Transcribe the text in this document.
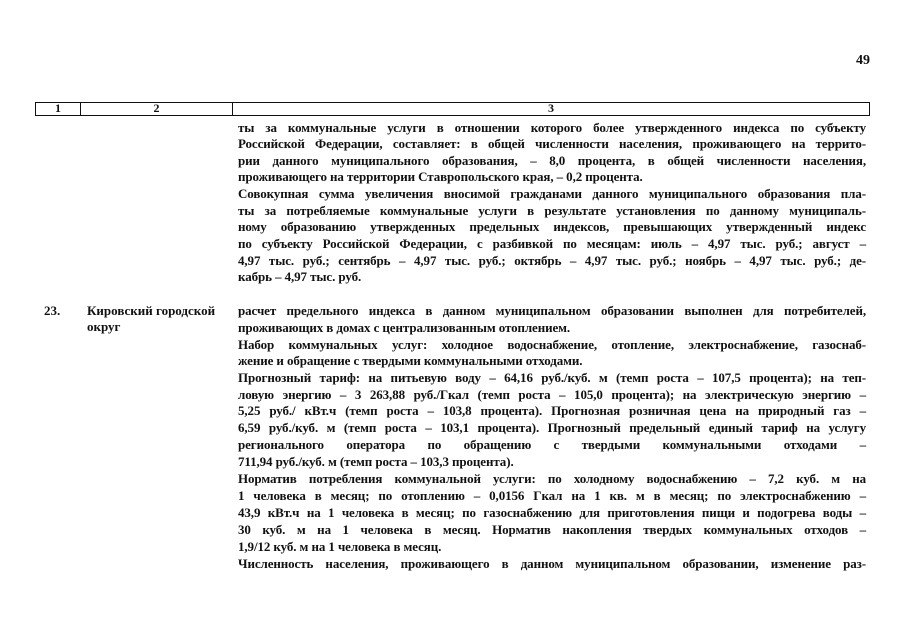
49
1	2	3
ты за коммунальные услуги в отношении которого более утвержденного индекса по субъекту
Российской Федерации, составляет: в общей численности населения, проживающего на террито-
рии данного муниципального образования, – 8,0 процента, в общей численности населения,
проживающего на территории Ставропольского края, – 0,2 процента.
Совокупная сумма увеличения вносимой гражданами данного муниципального образования пла-
ты за потребляемые коммунальные услуги в результате установления по данному муниципаль-
ному образованию утвержденных предельных индексов, превышающих утвержденный индекс
по субъекту Российской Федерации, с разбивкой по месяцам: июль – 4,97 тыс. руб.; август –
4,97 тыс. руб.; сентябрь – 4,97 тыс. руб.; октябрь – 4,97 тыс. руб.; ноябрь – 4,97 тыс. руб.; де-
кабрь – 4,97 тыс. руб.
23. Кировский городской
округ
расчет предельного индекса в данном муниципальном образовании выполнен для потребителей,
проживающих в домах с централизованным отоплением.
Набор коммунальных услуг: холодное водоснабжение, отопление, электроснабжение, газоснаб-
жение и обращение с твердыми коммунальными отходами.
Прогнозный тариф: на питьевую воду – 64,16 руб./куб. м (темп роста – 107,5 процента); на теп-
ловую энергию – 3 263,88 руб./Гкал (темп роста – 105,0 процента); на электрическую энергию –
5,25 руб./ кВт.ч (темп роста – 103,8 процента). Прогнозная розничная цена на природный газ –
6,59 руб./куб. м (темп роста – 103,1 процента). Прогнозный предельный единый тариф на услугу
регионального оператора по обращению с твердыми коммунальными отходами –
711,94 руб./куб. м (темп роста – 103,3 процента).
Норматив потребления коммунальной услуги: по холодному водоснабжению – 7,2 куб. м на
1 человека в месяц; по отоплению – 0,0156 Гкал на 1 кв. м в месяц; по электроснабжению –
43,9 кВт.ч на 1 человека в месяц; по газоснабжению для приготовления пищи и подогрева воды –
30 куб. м на 1 человека в месяц. Норматив накопления твердых коммунальных отходов –
1,9/12 куб. м на 1 человека в месяц.
Численность населения, проживающего в данном муниципальном образовании, изменение раз-
